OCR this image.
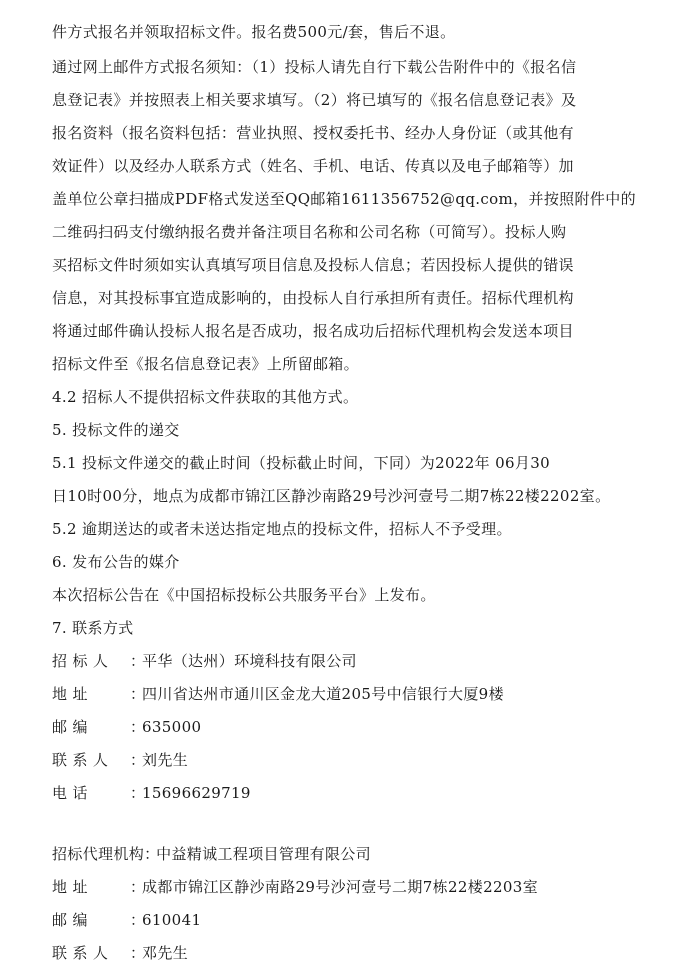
件方式报名并领取招标文件。报名费500元/套，售后不退。
通过网上邮件方式报名须知：（1）投标人请先自行下载公告附件中的《报名信
息登记表》并按照表上相关要求填写。（2）将已填写的《报名信息登记表》及
报名资料（报名资料包括：营业执照、授权委托书、经办人身份证（或其他有
效证件）以及经办人联系方式（姓名、手机、电话、传真以及电子邮箱等）加
盖单位公章扫描成PDF格式发送至QQ邮箱1611356752@qq.com，并按照附件中的
二维码扫码支付缴纳报名费并备注项目名称和公司名称（可简写）。投标人购
买招标文件时须如实认真填写项目信息及投标人信息；若因投标人提供的错误
信息，对其投标事宜造成影响的，由投标人自行承担所有责任。招标代理机构
将通过邮件确认投标人报名是否成功，报名成功后招标代理机构会发送本项目
招标文件至《报名信息登记表》上所留邮箱。
4.2 招标人不提供招标文件获取的其他方式。
5. 投标文件的递交
5.1 投标文件递交的截止时间（投标截止时间，下同）为2022年 06月30
日10时00分，地点为成都市锦江区静沙南路29号沙河壹号二期7栋22楼2202室。
5.2 逾期送达的或者未送达指定地点的投标文件，招标人不予受理。
6. 发布公告的媒介
本次招标公告在《中国招标投标公共服务平台》上发布。
7. 联系方式
招 标 人 ：平华（达州）环境科技有限公司
地 址	：四川省达州市通川区金龙大道205号中信银行大厦9楼
邮 编	：635000
联 系 人 ：刘先生
电 话	：15696629719
招标代理机构：中益精诚工程项目管理有限公司
地 址	：成都市锦江区静沙南路29号沙河壹号二期7栋22楼2203室
邮 编	：610041
联 系 人 ：邓先生
